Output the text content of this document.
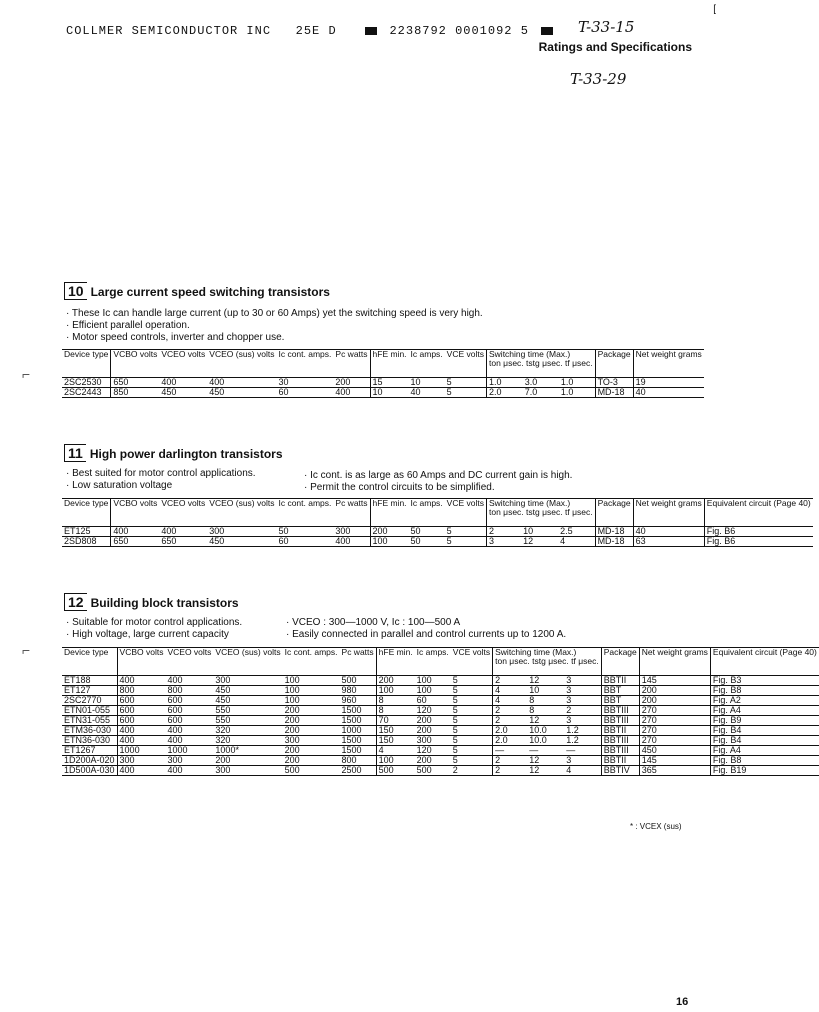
[
COLLMER SEMICONDUCTOR INC 25E D	2238792 0001092 5	T-33-15
Ratings and Specifications
T-33-29
⌐
⌐
10 Large current speed switching transistors
· These Ic can handle large current (up to 30 or 60 Amps) yet the switching speed is very high.
· Efficient parallel operation.
· Motor speed controls, inverter and chopper use.
Device type	VCBO volts	VCEO volts	VCEO (sus) volts	Ic cont. amps.	Pc watts	hFE min.	Ic amps.	VCE volts	Switching time (Max.)
ton μsec. tstg μsec. tf μsec.			Package	Net weight grams
2SC2530	650	400	400	30	200	15	10	5	1.0	3.0	1.0	TO-3	19
2SC2443	850	450	450	60	400	10	40	5	2.0	7.0	1.0	MD-18	40
11 High power darlington transistors
· Best suited for motor control applications.
· Low saturation voltage
· Ic cont. is as large as 60 Amps and DC current gain is high.
· Permit the control circuits to be simplified.
Device type	VCBO volts	VCEO volts	VCEO (sus) volts	Ic cont. amps.	Pc watts	hFE min.	Ic amps.	VCE volts	Switching time (Max.)
ton μsec. tstg μsec. tf μsec.			Package	Net weight grams	Equivalent circuit (Page 40)
ET125	400	400	300	50	300	200	50	5	2	10	2.5	MD-18	40	Fig. B6
2SD808	650	650	450	60	400	100	50	5	3	12	4	MD-18	63	Fig. B6
12 Building block transistors
· Suitable for motor control applications.
· High voltage, large current capacity
· VCEO : 300—1000 V, Ic : 100—500 A
· Easily connected in parallel and control currents up to 1200 A.
Device type	VCBO volts	VCEO volts	VCEO (sus) volts	Ic cont. amps.	Pc watts	hFE min.	Ic amps.	VCE volts	Switching time (Max.)
ton μsec. tstg μsec. tf μsec.			Package	Net weight grams	Equivalent circuit (Page 40)
ET188	400	400	300	100	500	200	100	5	2	12	3	BBTII	145	Fig. B3
ET127	800	800	450	100	980	100	100	5	4	10	3	BBT	200	Fig. B8
2SC2770	600	600	450	100	960	8	60	5	4	8	3	BBT	200	Fig. A2
ETN01-055	600	600	550	200	1500	8	120	5	2	8	2	BBTIII	270	Fig. A4
ETN31-055	600	600	550	200	1500	70	200	5	2	12	3	BBTIII	270	Fig. B9
ETM36-030	400	400	320	200	1000	150	200	5	2.0	10.0	1.2	BBTII	270	Fig. B4
ETN36-030	400	400	320	300	1500	150	300	5	2.0	10.0	1.2	BBTIII	270	Fig. B4
ET1267	1000	1000	1000*	200	1500	4	120	5	—	—	—	BBTIII	450	Fig. A4
1D200A-020	300	300	200	200	800	100	200	5	2	12	3	BBTII	145	Fig. B8
1D500A-030	400	400	300	500	2500	500	500	2	2	12	4	BBTIV	365	Fig. B19
* : VCEX (sus)
16
